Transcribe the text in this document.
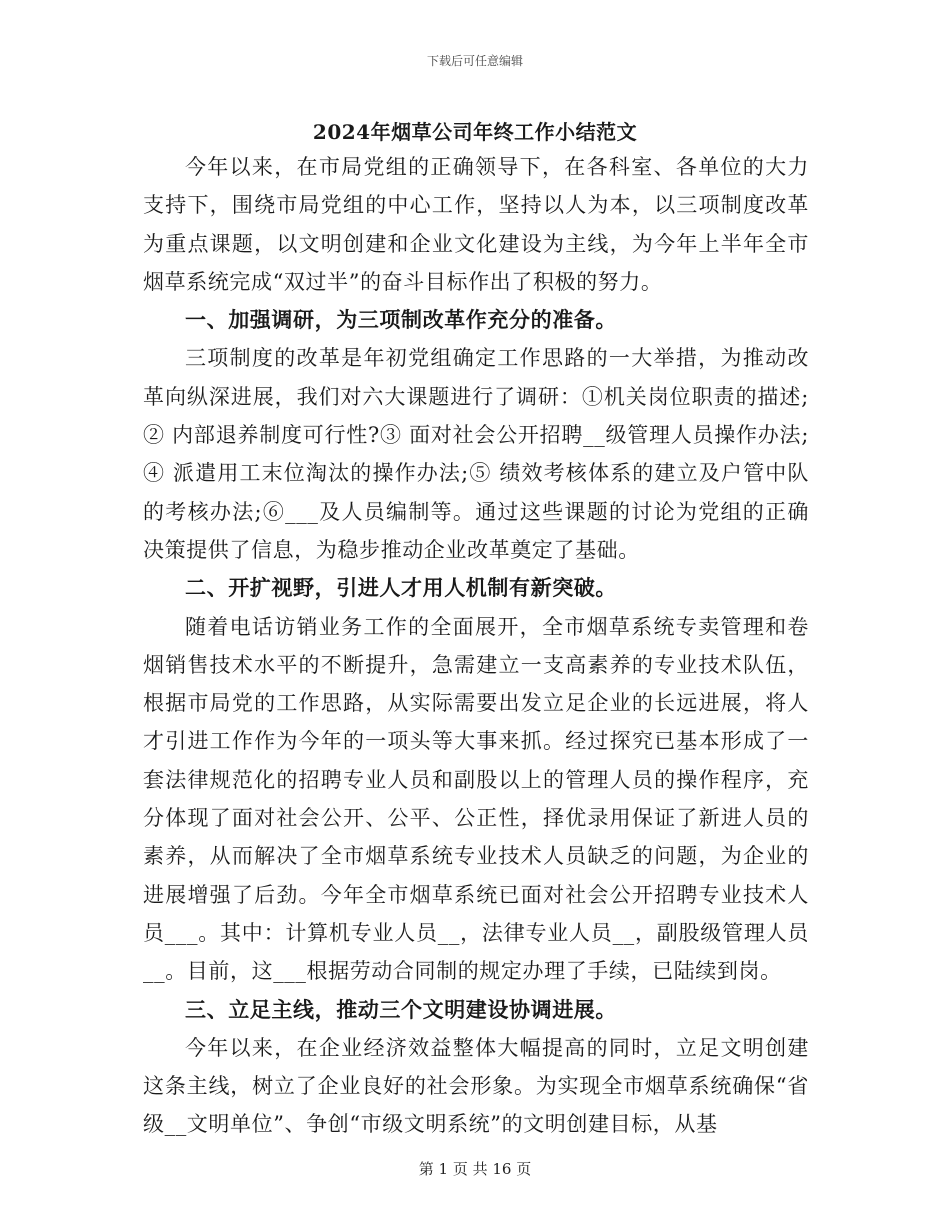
下载后可任意编辑
2024年烟草公司年终工作小结范文

今年以来，在市局党组的正确领导下，在各科室、各单位的大力支持下，围绕市局党组的中心工作，坚持以人为本，以三项制度改革为重点课题，以文明创建和企业文化建设为主线，为今年上半年全市烟草系统完成“双过半”的奋斗目标作出了积极的努力。

一、加强调研，为三项制改革作充分的准备。

三项制度的改革是年初党组确定工作思路的一大举措，为推动改革向纵深进展，我们对六大课题进行了调研：①机关岗位职责的描述;② 内部退养制度可行性?③ 面对社会公开招聘__级管理人员操作办法;④ 派遣用工末位淘汰的操作办法;⑤ 绩效考核体系的建立及户管中队的考核办法;⑥___及人员编制等。通过这些课题的讨论为党组的正确决策提供了信息，为稳步推动企业改革奠定了基础。

二、开扩视野，引进人才用人机制有新突破。

随着电话访销业务工作的全面展开，全市烟草系统专卖管理和卷烟销售技术水平的不断提升，急需建立一支高素养的专业技术队伍，根据市局党的工作思路，从实际需要出发立足企业的长远进展，将人才引进工作作为今年的一项头等大事来抓。经过探究已基本形成了一套法律规范化的招聘专业人员和副股以上的管理人员的操作程序，充分体现了面对社会公开、公平、公正性，择优录用保证了新进人员的素养，从而解决了全市烟草系统专业技术人员缺乏的问题，为企业的进展增强了后劲。今年全市烟草系统已面对社会公开招聘专业技术人员___。其中：计算机专业人员__，法律专业人员__，副股级管理人员__。目前，这___根据劳动合同制的规定办理了手续，已陆续到岗。

三、立足主线，推动三个文明建设协调进展。

今年以来，在企业经济效益整体大幅提高的同时，立足文明创建这条主线，树立了企业良好的社会形象。为实现全市烟草系统确保“省级__文明单位”、争创“市级文明系统”的文明创建目标，从基

第 1 页 共 16 页
